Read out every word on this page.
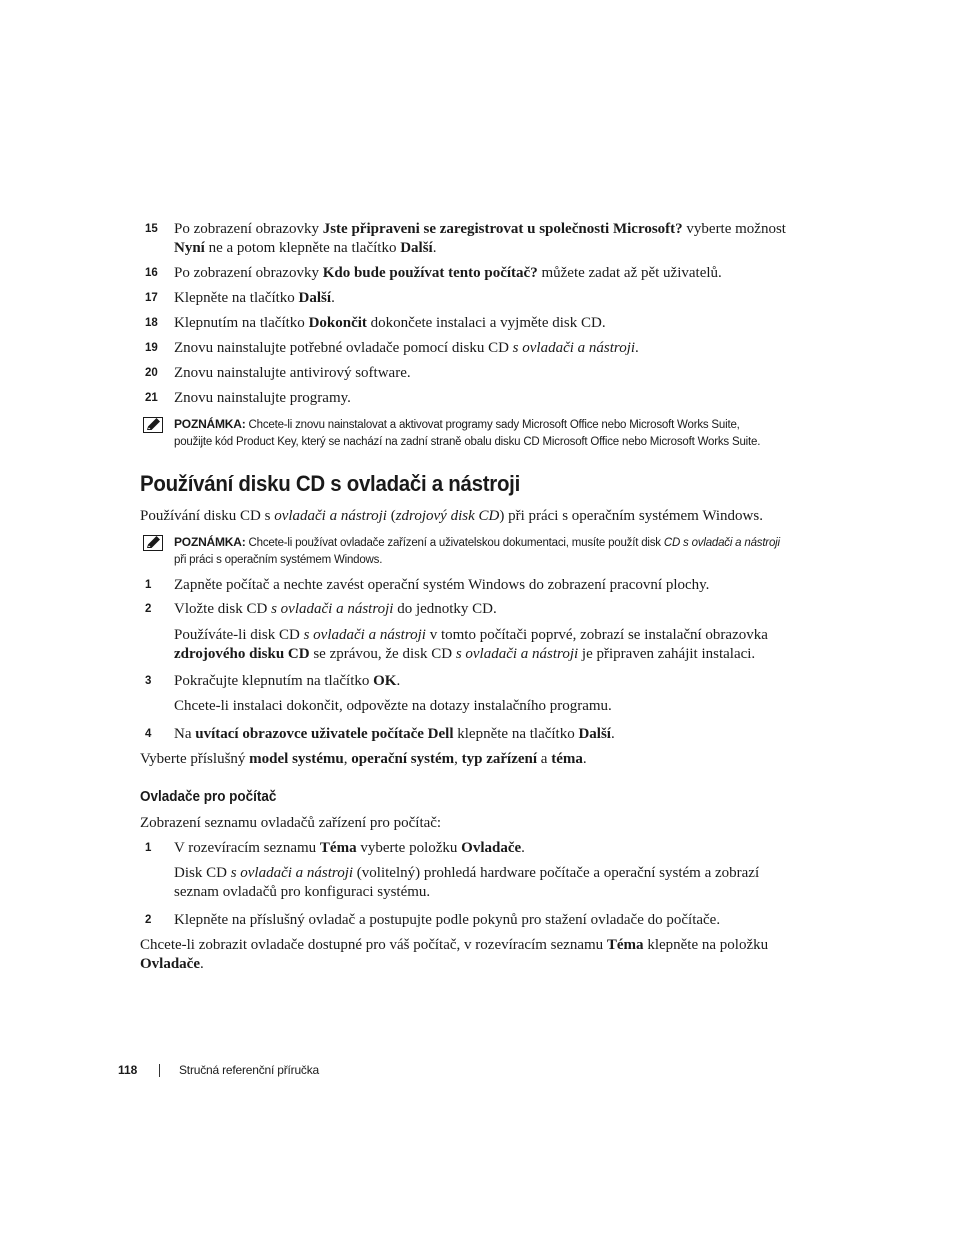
15	Po zobrazení obrazovky Jste připraveni se zaregistrovat u společnosti Microsoft? vyberte možnost
Nyní ne a potom klepněte na tlačítko Další.
16	Po zobrazení obrazovky Kdo bude používat tento počítač? můžete zadat až pět uživatelů.
17	Klepněte na tlačítko Další.
18	Klepnutím na tlačítko Dokončit dokončete instalaci a vyjměte disk CD.
19	Znovu nainstalujte potřebné ovladače pomocí disku CD s ovladači a nástroji.
20	Znovu nainstalujte antivirový software.
21	Znovu nainstalujte programy.
POZNÁMKA: Chcete-li znovu nainstalovat a aktivovat programy sady Microsoft Office nebo Microsoft Works Suite,
použijte kód Product Key, který se nachází na zadní straně obalu disku CD Microsoft Office nebo Microsoft Works Suite.
Používání disku CD s ovladači a nástroji
Používání disku CD s ovladači a nástroji (zdrojový disk CD) při práci s operačním systémem Windows.
POZNÁMKA: Chcete-li používat ovladače zařízení a uživatelskou dokumentaci, musíte použít disk CD s ovladači a nástroji
při práci s operačním systémem Windows.
1	Zapněte počítač a nechte zavést operační systém Windows do zobrazení pracovní plochy.
2	Vložte disk CD s ovladači a nástroji do jednotky CD.
Používáte-li disk CD s ovladači a nástroji v tomto počítači poprvé, zobrazí se instalační obrazovka
zdrojového disku CD se zprávou, že disk CD s ovladači a nástroji je připraven zahájit instalaci.
3	Pokračujte klepnutím na tlačítko OK.
Chcete-li instalaci dokončit, odpovězte na dotazy instalačního programu.
4	Na uvítací obrazovce uživatele počítače Dell klepněte na tlačítko Další.
Vyberte příslušný model systému, operační systém, typ zařízení a téma.
Ovladače pro počítač
Zobrazení seznamu ovladačů zařízení pro počítač:
1	V rozevíracím seznamu Téma vyberte položku Ovladače.
Disk CD s ovladači a nástroji (volitelný) prohledá hardware počítače a operační systém a zobrazí
seznam ovladačů pro konfiguraci systému.
2	Klepněte na příslušný ovladač a postupujte podle pokynů pro stažení ovladače do počítače.
Chcete-li zobrazit ovladače dostupné pro váš počítač, v rozevíracím seznamu Téma klepněte na položku
Ovladače.
118	Stručná referenční příručka
